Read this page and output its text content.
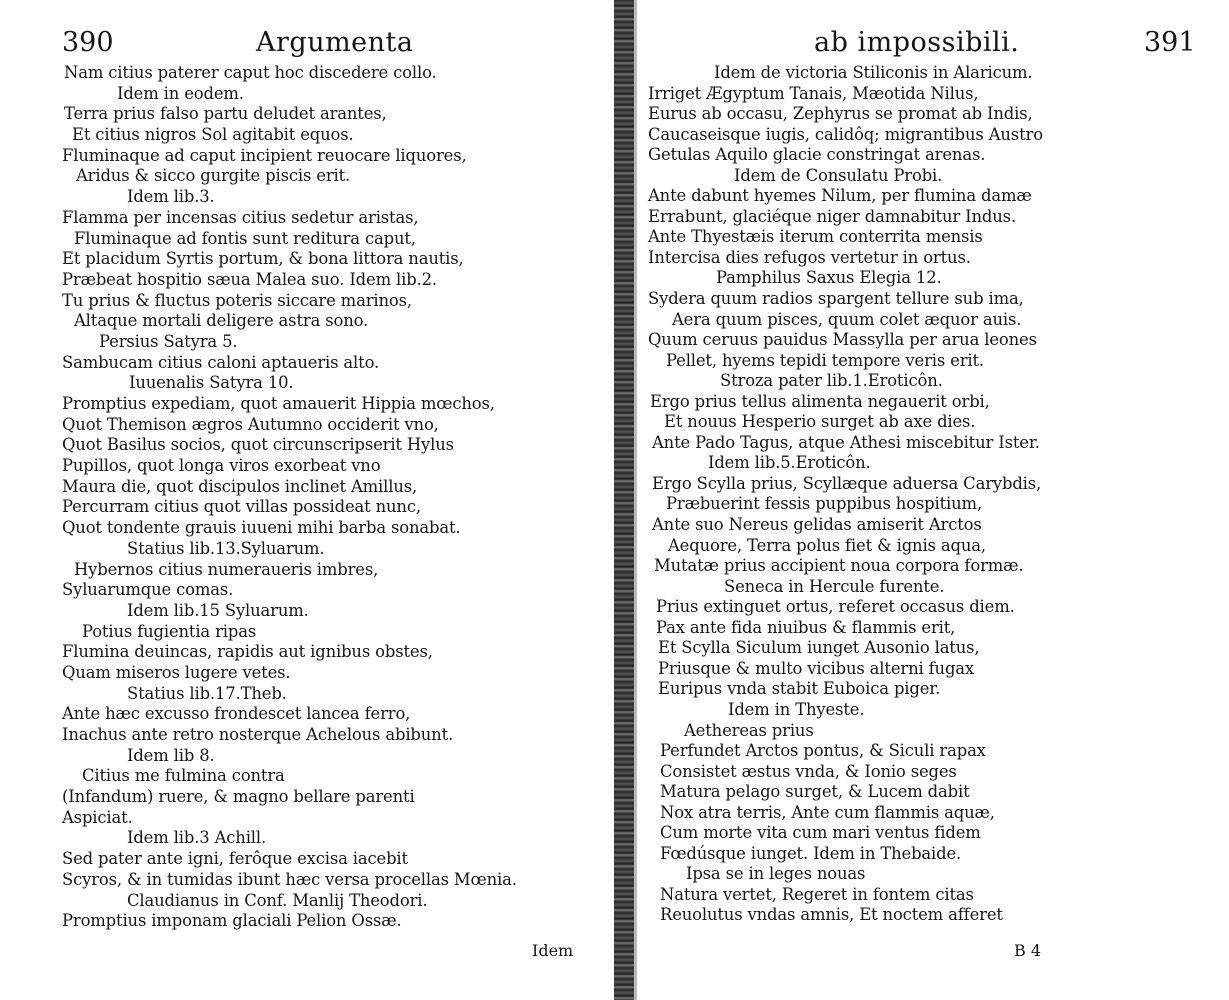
390	Argumenta
Nam citius paterer caput hoc discedere collo.
Idem in eodem.
Terra prius falso partu deludet arantes,
Et citius nigros Sol agitabit equos.
Fluminaque ad caput incipient reuocare liquores,
Aridus & sicco gurgite piscis erit.
Idem lib.3.
Flamma per incensas citius sedetur aristas,
Fluminaque ad fontis sunt reditura caput,
Et placidum Syrtis portum, & bona littora nautis,
Præbeat hospitio sæua Malea suo. Idem lib.2.
Tu prius & fluctus poteris siccare marinos,
Altaque mortali deligere astra sono.
Persius Satyra 5.
Sambucam citius caloni aptaueris alto.
Iuuenalis Satyra 10.
Promptius expediam, quot amauerit Hippia mœchos,
Quot Themison ægros Autumno occiderit vno,
Quot Basilus socios, quot circunscripserit Hylus
Pupillos, quot longa viros exorbeat vno
Maura die, quot discipulos inclinet Amillus,
Percurram citius quot villas possideat nunc,
Quot tondente grauis iuueni mihi barba sonabat.
Statius lib.13.Syluarum.
Hybernos citius numeraueris imbres,
Syluarumque comas.
Idem lib.15 Syluarum.
Potius fugientia ripas
Flumina deuincas, rapidis aut ignibus obstes,
Quam miseros lugere vetes.
Statius lib.17.Theb.
Ante hæc excusso frondescet lancea ferro,
Inachus ante retro nosterque Achelous abibunt.
Idem lib 8.
Citius me fulmina contra
(Infandum) ruere, & magno bellare parenti
Aspiciat.
Idem lib.3 Achill.
Sed pater ante igni, ferôque excisa iacebit
Scyros, & in tumidas ibunt hæc versa procellas Mœnia.
Claudianus in Conf. Manlij Theodori.
Promptius imponam glaciali Pelion Ossæ.
Idem
ab impossibili.	391
Idem de victoria Stiliconis in Alaricum.
Irriget Ægyptum Tanais, Mæotida Nilus,
Eurus ab occasu, Zephyrus se promat ab Indis,
Caucaseisque iugis, calidôq; migrantibus Austro
Getulas Aquilo glacie constringat arenas.
Idem de Consulatu Probi.
Ante dabunt hyemes Nilum, per flumina damæ
Errabunt, glaciéque niger damnabitur Indus.
Ante Thyestæis iterum conterrita mensis
Intercisa dies refugos vertetur in ortus.
Pamphilus Saxus Elegia 12.
Sydera quum radios spargent tellure sub ima,
Aera quum pisces, quum colet æquor auis.
Quum ceruus pauidus Massylla per arua leones
Pellet, hyems tepidi tempore veris erit.
Stroza pater lib.1.Eroticôn.
Ergo prius tellus alimenta negauerit orbi,
Et nouus Hesperio surget ab axe dies.
Ante Pado Tagus, atque Athesi miscebitur Ister.
Idem lib.5.Eroticôn.
Ergo Scylla prius, Scyllæque aduersa Carybdis,
Præbuerint fessis puppibus hospitium,
Ante suo Nereus gelidas amiserit Arctos
Aequore, Terra polus fiet & ignis aqua,
Mutatæ prius accipient noua corpora formæ.
Seneca in Hercule furente.
Prius extinguet ortus, referet occasus diem.
Pax ante fida niuibus & flammis erit,
Et Scylla Siculum iunget Ausonio latus,
Priusque & multo vicibus alterni fugax
Euripus vnda stabit Euboica piger.
Idem in Thyeste.
Aethereas prius
Perfundet Arctos pontus, & Siculi rapax
Consistet æstus vnda, & Ionio seges
Matura pelago surget, & Lucem dabit
Nox atra terris, Ante cum flammis aquæ,
Cum morte vita cum mari ventus fidem
Fœdúsque iunget. Idem in Thebaide.
Ipsa se in leges nouas
Natura vertet, Regeret in fontem citas
Reuolutus vndas amnis, Et noctem afferet
B 4
